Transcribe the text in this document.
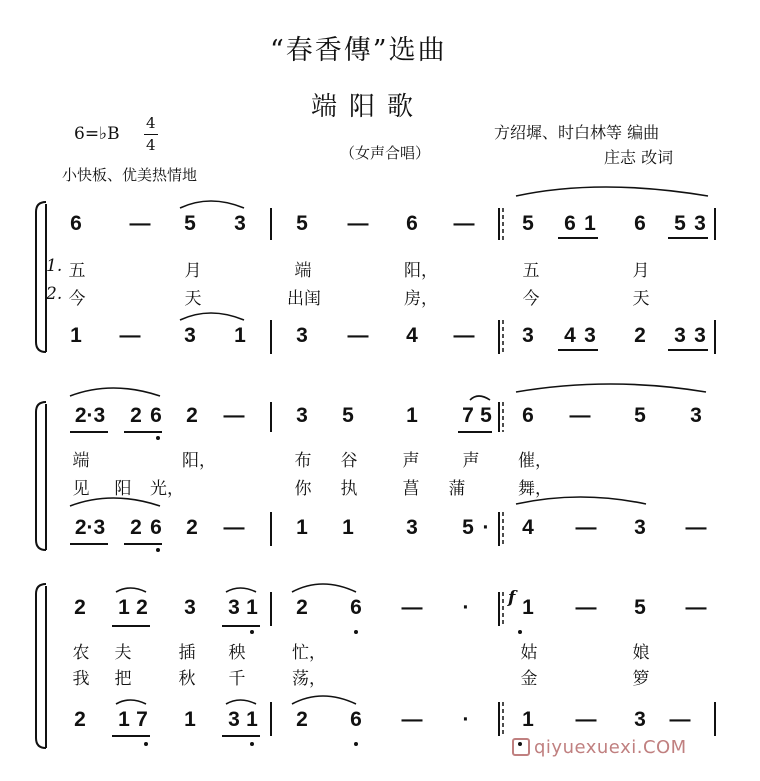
“春香傳”选曲
端阳歌
（女声合唱）
6=♭B
4
4
小快板、优美热情地
方绍墀、时白林等 编曲
庄志 改词
6	—	5 3 5	—	6	—	5 6 1 6 5 3
1. 五	月	端	阳，	五	月
2. 今	天	出闺	房，	今	天
1	—	3 1 3	—	4	—	3 4 3 2 3 3
2·3 2 6 2	—	3 5 1 7 5 6	—	5 3
端	阳，	布 谷	声	声 催，
见 阳 光，	你 执	菖 蒲	舞，
2·3 2 6 2	—	1 1 3 5 ·	4	—	3	—
2 1 2 3 3 1 2 6	—	·	f 1	—	5	—
农 夫	插 秧	忙，	姑	娘
我 把	秋 千	荡，	金	箩
2 1 7 1 3 1 2 6	—	·	1	—	3	—
qiyuexuexi.COM
